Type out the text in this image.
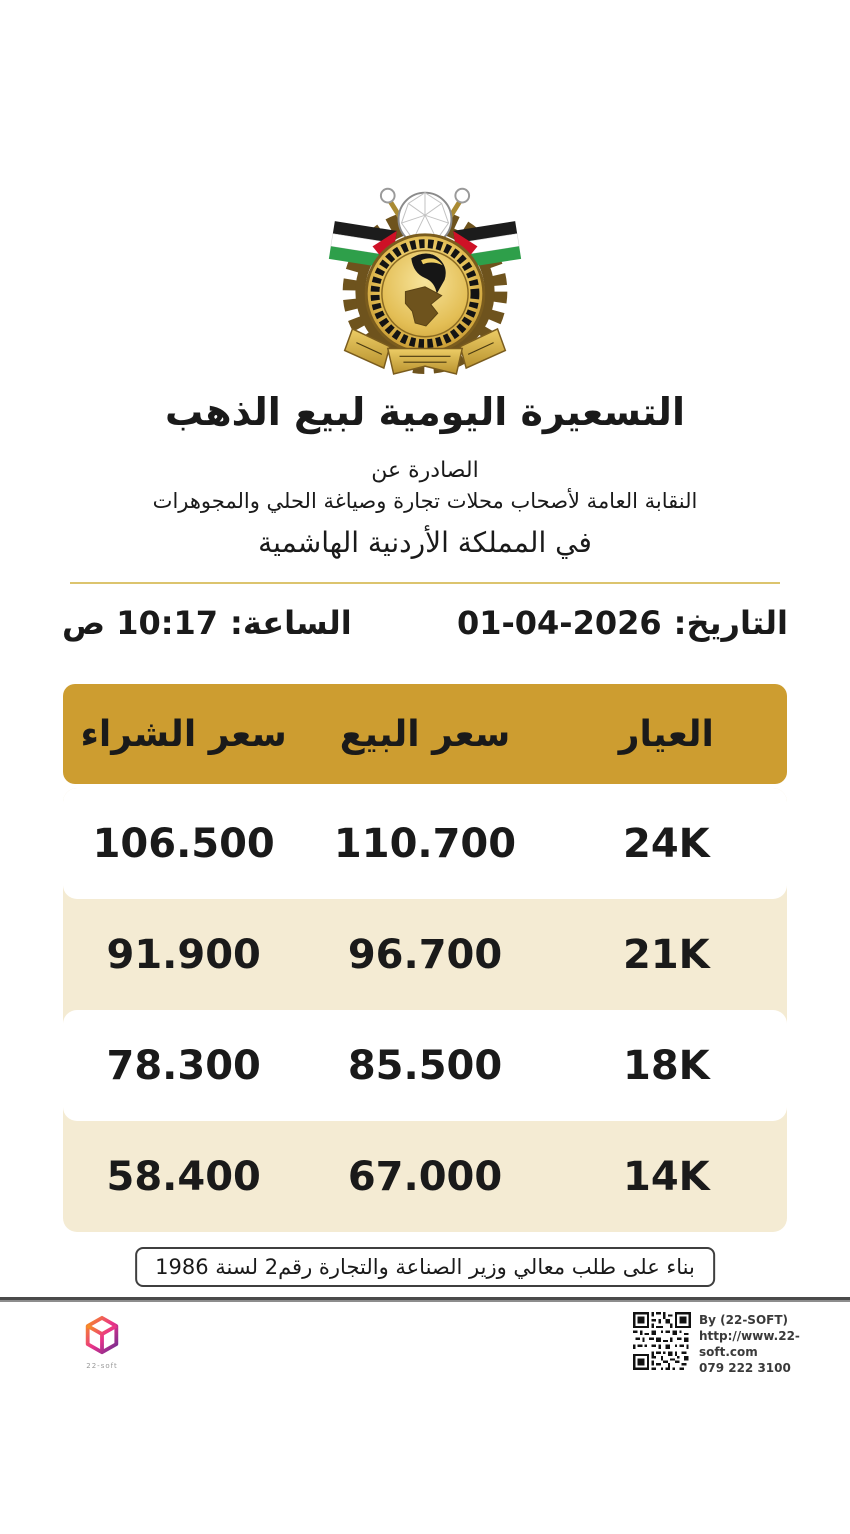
التسعيرة اليومية لبيع الذهب
الصادرة عن
النقابة العامة لأصحاب محلات تجارة وصياغة الحلي والمجوهرات
في المملكة الأردنية الهاشمية
التاريخ:
01-04-2026
الساعة:
10:17 ص
العيار
سعر البيع
سعر الشراء
24K
110.700
106.500
21K
96.700
91.900
18K
85.500
78.300
14K
67.000
58.400
بناء على طلب معالي وزير الصناعة والتجارة رقم2 لسنة 1986
By (22-SOFT)
http://www.22-soft.com
079 222 3100
22-soft
